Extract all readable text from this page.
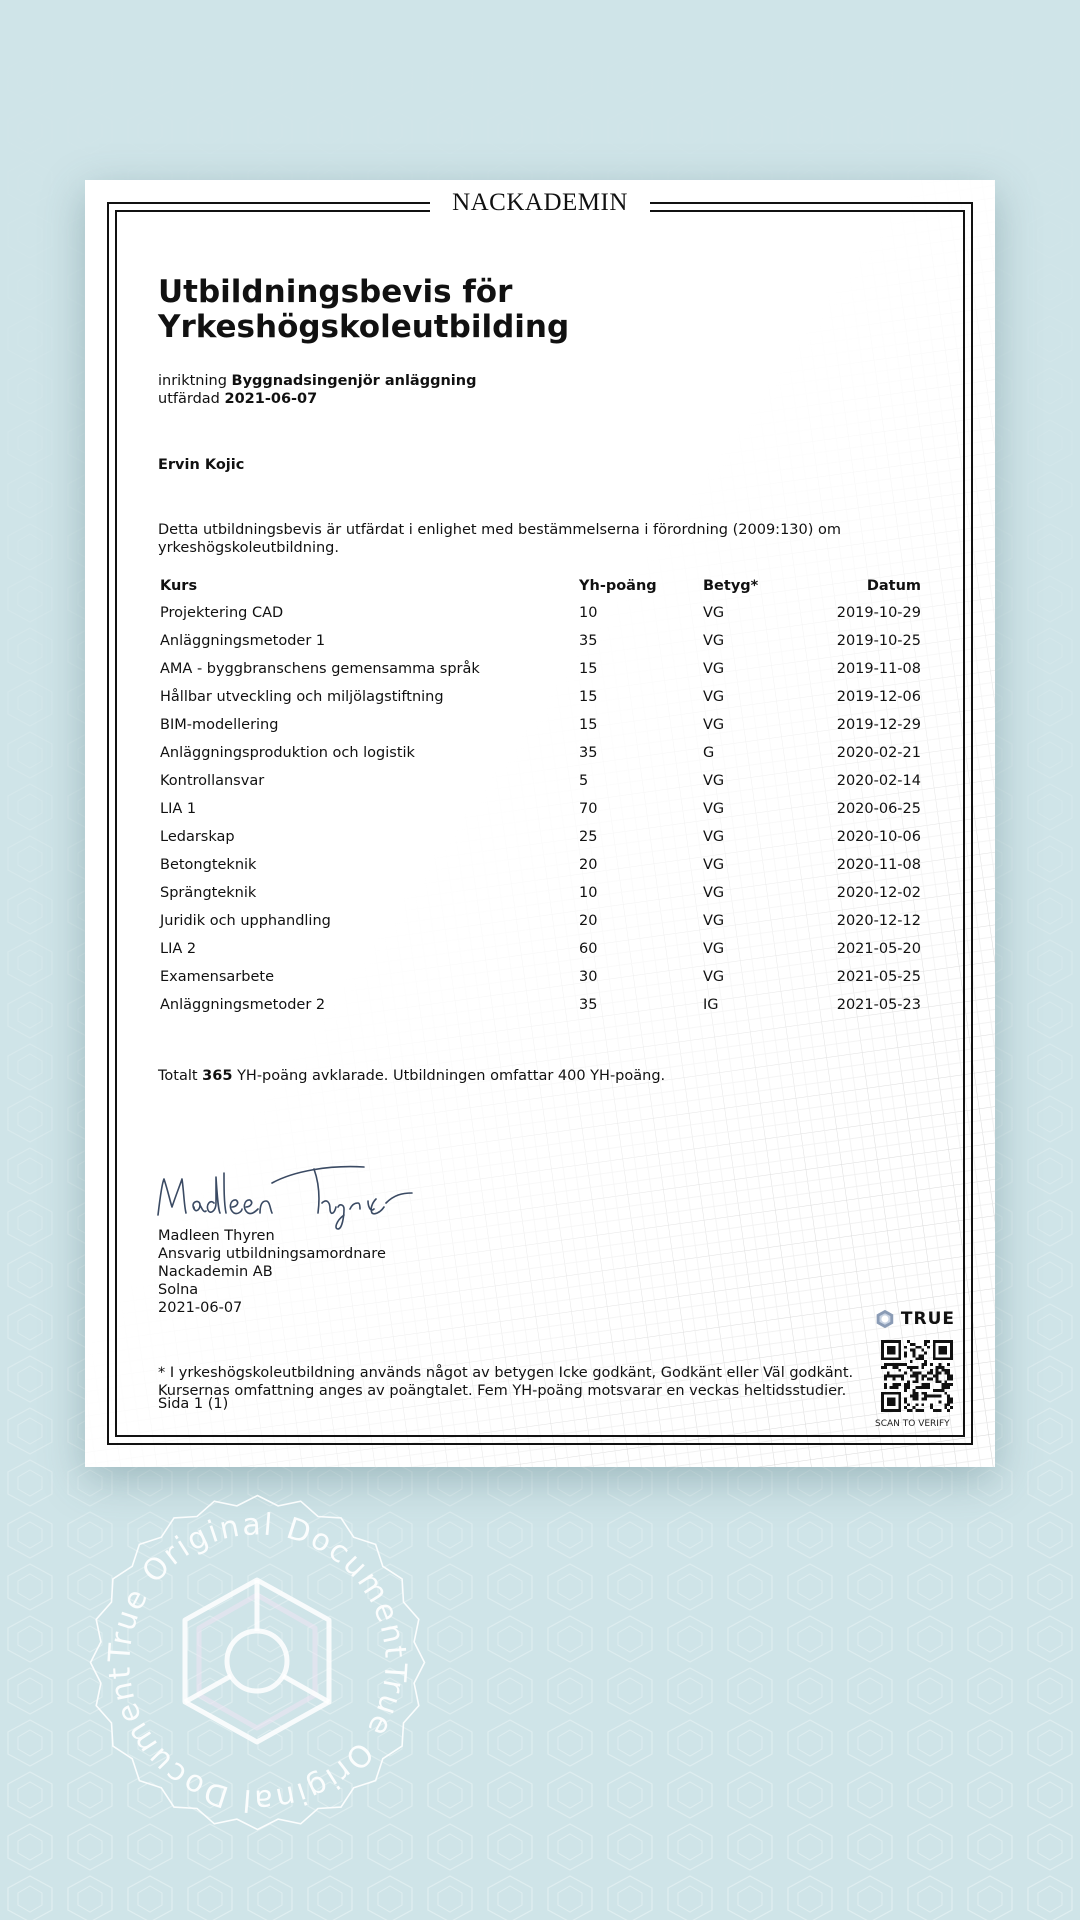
NACKADEMIN
Utbildningsbevis för Yrkeshögskoleutbilding
inriktning Byggnadsingenjör anläggning
utfärdad 2021-06-07
Ervin Kojic
Detta utbildningsbevis är utfärdat i enlighet med bestämmelserna i förordning (2009:130) om yrkeshögskoleutbildning.
Kurs	Yh-poäng	Betyg*	Datum
Projektering CAD	10	VG	2019-10-29
Anläggningsmetoder 1	35	VG	2019-10-25
AMA - byggbranschens gemensamma språk	15	VG	2019-11-08
Hållbar utveckling och miljölagstiftning	15	VG	2019-12-06
BIM-modellering	15	VG	2019-12-29
Anläggningsproduktion och logistik	35	G	2020-02-21
Kontrollansvar	5	VG	2020-02-14
LIA 1	70	VG	2020-06-25
Ledarskap	25	VG	2020-10-06
Betongteknik	20	VG	2020-11-08
Sprängteknik	10	VG	2020-12-02
Juridik och upphandling	20	VG	2020-12-12
LIA 2	60	VG	2021-05-20
Examensarbete	30	VG	2021-05-25
Anläggningsmetoder 2	35	IG	2021-05-23
Totalt 365 YH-poäng avklarade. Utbildningen omfattar 400 YH-poäng.
Madleen Thyren
Ansvarig utbildningsamordnare
Nackademin AB
Solna
2021-06-07
* I yrkeshögskoleutbildning används något av betygen Icke godkänt, Godkänt eller Väl godkänt. Kursernas omfattning anges av poängtalet. Fem YH-poäng motsvarar en veckas heltidsstudier.
Sida 1 (1)
TRUE
SCAN TO VERIFY
True Original Document
True Original Document
